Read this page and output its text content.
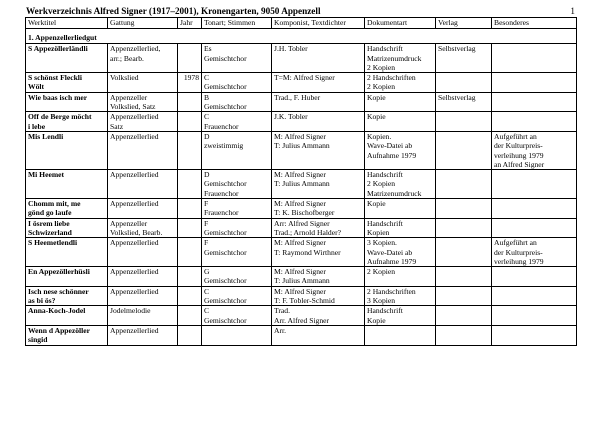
Werkverzeichnis Alfred Signer (1917–2001), Kronengarten, 9050 Appenzell	1
Werktitel	Gattung	Jahr	Tonart; Stimmen	Komponist, Textdichter	Dokumentart	Verlag	Besonderes
1. Appenzellerliedgut							

S Appezöllerländli	Appenzellerlied,
arr.; Bearb.		Es
Gemischtchor	J.H. Tobler	Handschrift
Matrizenumdruck
2 Kopien	Selbstverlag	

S schönst Fleckli
Wölt	Volkslied	1978	C
Gemischtchor	T=M: Alfred Signer	2 Handschriften
2 Kopien		

Wie baas isch mer	Appenzeller
Volkslied, Satz		B
Gemischtchor	Trad., F. Huber	Kopie	Selbstverlag	

Off de Berge möcht
i lebe	Appenzellerlied
Satz		C
Frauenchor	J.K. Tobler	Kopie		

Mis Lendli	Appenzellerlied		D
zweistimmig	M: Alfred Signer
T: Julius Ammann	Kopien.
Wave-Datei ab
Aufnahme 1979		Aufgeführt an
der Kulturpreis-
verleihung 1979
an Alfred Signer

Mi Heemet	Appenzellerlied		D
Gemischtchor
Frauenchor	M: Alfred Signer
T: Julius Ammann	Handschrift
2 Kopien
Matrizenumdruck		

Chomm mit, me
gönd go laufe	Appenzellerlied		F
Frauenchor	M: Alfred Signer
T: K. Bischofberger	Kopie		

I ösrem liebe
Schwizerland	Appenzeller
Volkslied, Bearb.		F
Gemischtchor	Arr: Alfred Signer
Trad.; Arnold Halder?	Handschrift
Kopien		

S Heemetlendli	Appenzellerlied		F
Gemischtchor	M: Alfred Signer
T: Raymond Wirthner	3 Kopien.
Wave-Datei ab
Aufnahme 1979		Aufgeführt an
der Kulturpreis-
verleihung 1979

En Appezöllerhüsli	Appenzellerlied		G
Gemischtchor	M: Alfred Signer
T: Julius Ammann	2 Kopien		

Isch nese schönner
as bi ös?	Appenzellerlied		C
Gemischtchor	M: Alfred Signer
T: F. Tobler-Schmid	2 Handschriften
3 Kopien		

Anna-Koch-Jodel	Jodelmelodie		C
Gemischtchor	Trad.
Arr. Alfred Signer	Handschrift
Kopie		

Wenn d Appezöller
singid	Appenzellerlied			Arr.			
